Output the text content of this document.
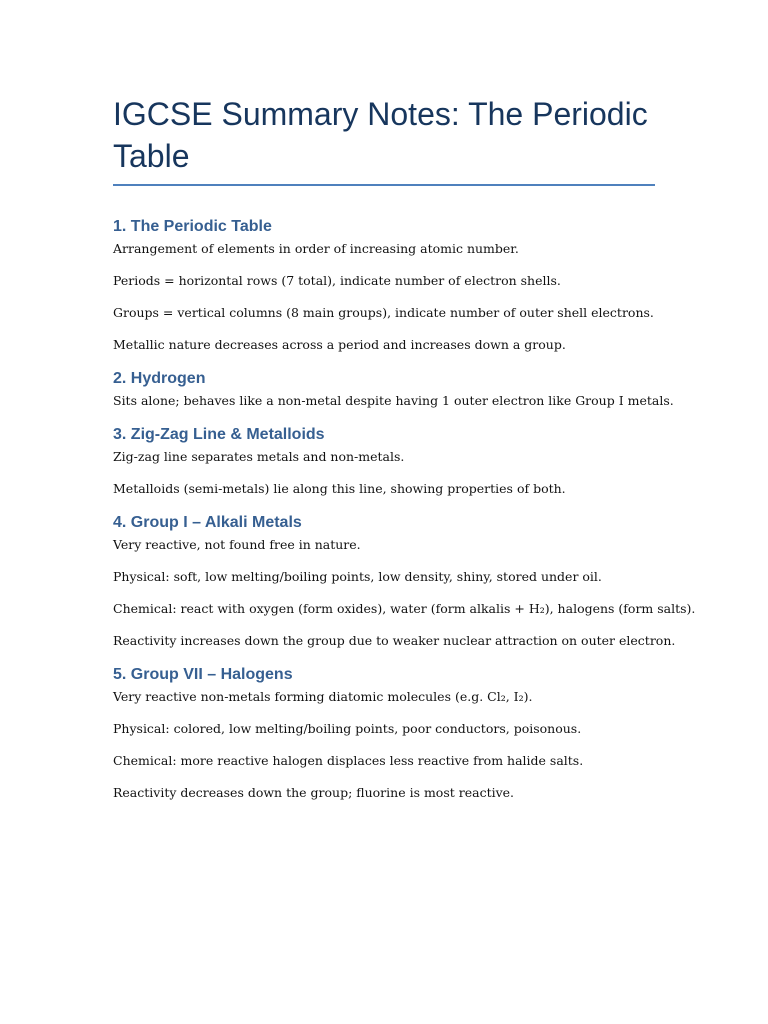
IGCSE Summary Notes: The Periodic Table
1. The Periodic Table

Arrangement of elements in order of increasing atomic number.

Periods = horizontal rows (7 total), indicate number of electron shells.

Groups = vertical columns (8 main groups), indicate number of outer shell electrons.

Metallic nature decreases across a period and increases down a group.

2. Hydrogen

Sits alone; behaves like a non-metal despite having 1 outer electron like Group I metals.

3. Zig-Zag Line & Metalloids

Zig-zag line separates metals and non-metals.

Metalloids (semi-metals) lie along this line, showing properties of both.

4. Group I – Alkali Metals

Very reactive, not found free in nature.

Physical: soft, low melting/boiling points, low density, shiny, stored under oil.

Chemical: react with oxygen (form oxides), water (form alkalis + H₂), halogens (form salts).

Reactivity increases down the group due to weaker nuclear attraction on outer electron.

5. Group VII – Halogens

Very reactive non-metals forming diatomic molecules (e.g. Cl₂, I₂).

Physical: colored, low melting/boiling points, poor conductors, poisonous.

Chemical: more reactive halogen displaces less reactive from halide salts.

Reactivity decreases down the group; fluorine is most reactive.
